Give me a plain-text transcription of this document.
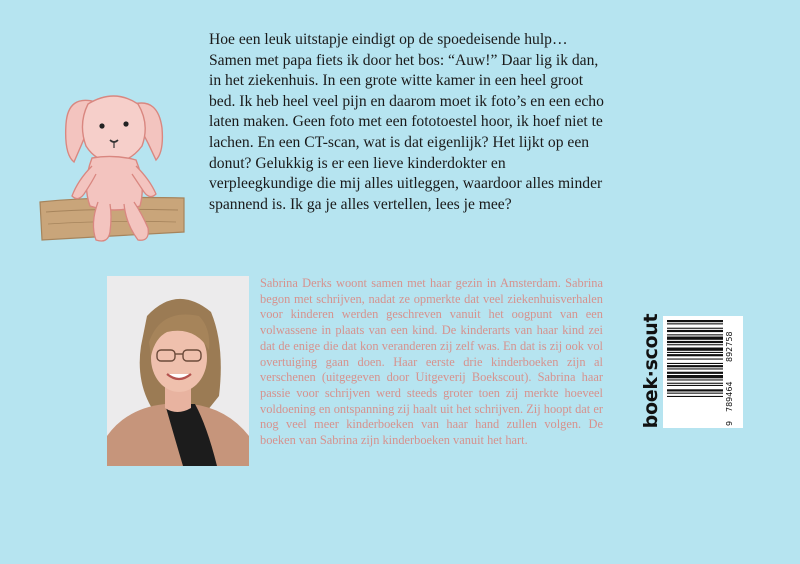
Hoe een leuk uitstapje eindigt op de spoedeisende hulp… Samen met papa fiets ik door het bos: “Auw!” Daar lig ik dan, in het ziekenhuis. In een grote witte kamer in een heel groot bed. Ik heb heel veel pijn en daarom moet ik foto’s en een echo laten maken. Geen foto met een fototoestel hoor, ik hoef niet te lachen. En een CT-scan, wat is dat eigenlijk? Het lijkt op een donut? Gelukkig is er een lieve kinderdokter en verpleegkundige die mij alles uitleggen, waardoor alles minder spannend is. Ik ga je alles vertellen, lees je mee?

Sabrina Derks woont samen met haar gezin in Amsterdam. Sabrina begon met schrijven, nadat ze opmerkte dat veel ziekenhuisverhalen voor kinderen werden geschreven vanuit het oogpunt van een volwassene in plaats van een kind. De kinderarts van haar kind zei dat de enige die dat kon veranderen zij zelf was. En dat is zij ook vol overtuiging gaan doen. Haar eerste drie kinderboeken zijn al verschenen (uitgegeven door Uitgeverij Boekscout). Sabrina haar passie voor schrijven werd steeds groter toen zij merkte hoeveel voldoening en ontspanning zij haalt uit het schrijven. Zij hoopt dat er nog veel meer kinderboeken van haar hand zullen volgen. De boeken van Sabrina zijn kinderboeken vanuit het hart.

boek·scout	9
789464
892758
